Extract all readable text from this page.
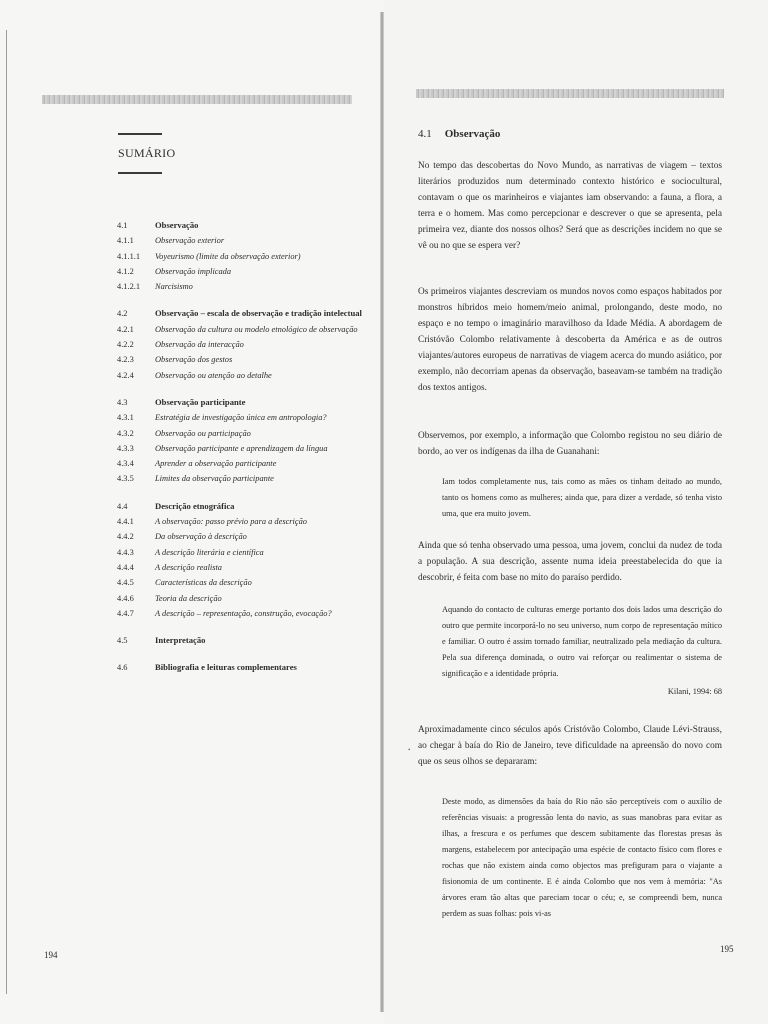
SUMÁRIO
4.1	Observação
4.1.1	Observação exterior
4.1.1.1	Voyeurismo (limite da observação exterior)
4.1.2	Observação implicada
4.1.2.1	Narcisismo
4.2	Observação – escala de observação e tradição intelectual
4.2.1	Observação da cultura ou modelo etnológico de observação
4.2.2	Observação da interacção
4.2.3	Observação dos gestos
4.2.4	Observação ou atenção ao detalhe
4.3	Observação participante
4.3.1	Estratégia de investigação única em antropologia?
4.3.2	Observação ou participação
4.3.3	Observação participante e aprendizagem da língua
4.3.4	Aprender a observação participante
4.3.5	Limites da observação participante
4.4	Descrição etnográfica
4.4.1	A observação: passo prévio para a descrição
4.4.2	Da observação à descrição
4.4.3	A descrição literária e científica
4.4.4	A descrição realista
4.4.5	Características da descrição
4.4.6	Teoria da descrição
4.4.7	A descrição – representação, construção, evocação?
4.5	Interpretação
4.6	Bibliografia e leituras complementares
194
4.1 Observação
No tempo das descobertas do Novo Mundo, as narrativas de viagem – textos literários produzidos num determinado contexto histórico e sociocultural, contavam o que os marinheiros e viajantes iam observando: a fauna, a flora, a terra e o homem. Mas como percepcionar e descrever o que se apresenta, pela primeira vez, diante dos nossos olhos? Será que as descrições incidem no que se vê ou no que se espera ver?
Os primeiros viajantes descreviam os mundos novos como espaços habitados por monstros híbridos meio homem/meio animal, prolongando, deste modo, no espaço e no tempo o imaginário maravilhoso da Idade Média. A abordagem de Cristóvão Colombo relativamente à descoberta da América e as de outros viajantes/autores europeus de narrativas de viagem acerca do mundo asiático, por exemplo, não decorriam apenas da observação, baseavam-se também na tradição dos textos antigos.
Observemos, por exemplo, a informação que Colombo registou no seu diário de bordo, ao ver os indígenas da ilha de Guanahani:
Iam todos completamente nus, tais como as mães os tinham deitado ao mundo, tanto os homens como as mulheres; ainda que, para dizer a verdade, só tenha visto uma, que era muito jovem.
Ainda que só tenha observado uma pessoa, uma jovem, conclui da nudez de toda a população. A sua descrição, assente numa ideia preestabelecida do que ia descobrir, é feita com base no mito do paraíso perdido.
Aquando do contacto de culturas emerge portanto dos dois lados uma descrição do outro que permite incorporá-lo no seu universo, num corpo de representação mítico e familiar. O outro é assim tornado familiar, neutralizado pela mediação da cultura. Pela sua diferença dominada, o outro vai reforçar ou realimentar o sistema de significação e a identidade própria.
Kilani, 1994: 68
•
Aproximadamente cinco séculos após Cristóvão Colombo, Claude Lévi-Strauss, ao chegar à baía do Rio de Janeiro, teve dificuldade na apreensão do novo com que os seus olhos se depararam:
Deste modo, as dimensões da baía do Rio não são perceptíveis com o auxílio de referências visuais: a progressão lenta do navio, as suas manobras para evitar as ilhas, a frescura e os perfumes que descem subitamente das florestas presas às margens, estabelecem por antecipação uma espécie de contacto físico com flores e rochas que não existem ainda como objectos mas prefiguram para o viajante a fisionomia de um continente. E é ainda Colombo que nos vem à memória: "As árvores eram tão altas que pareciam tocar o céu; e, se compreendi bem, nunca perdem as suas folhas: pois vi-as
195
